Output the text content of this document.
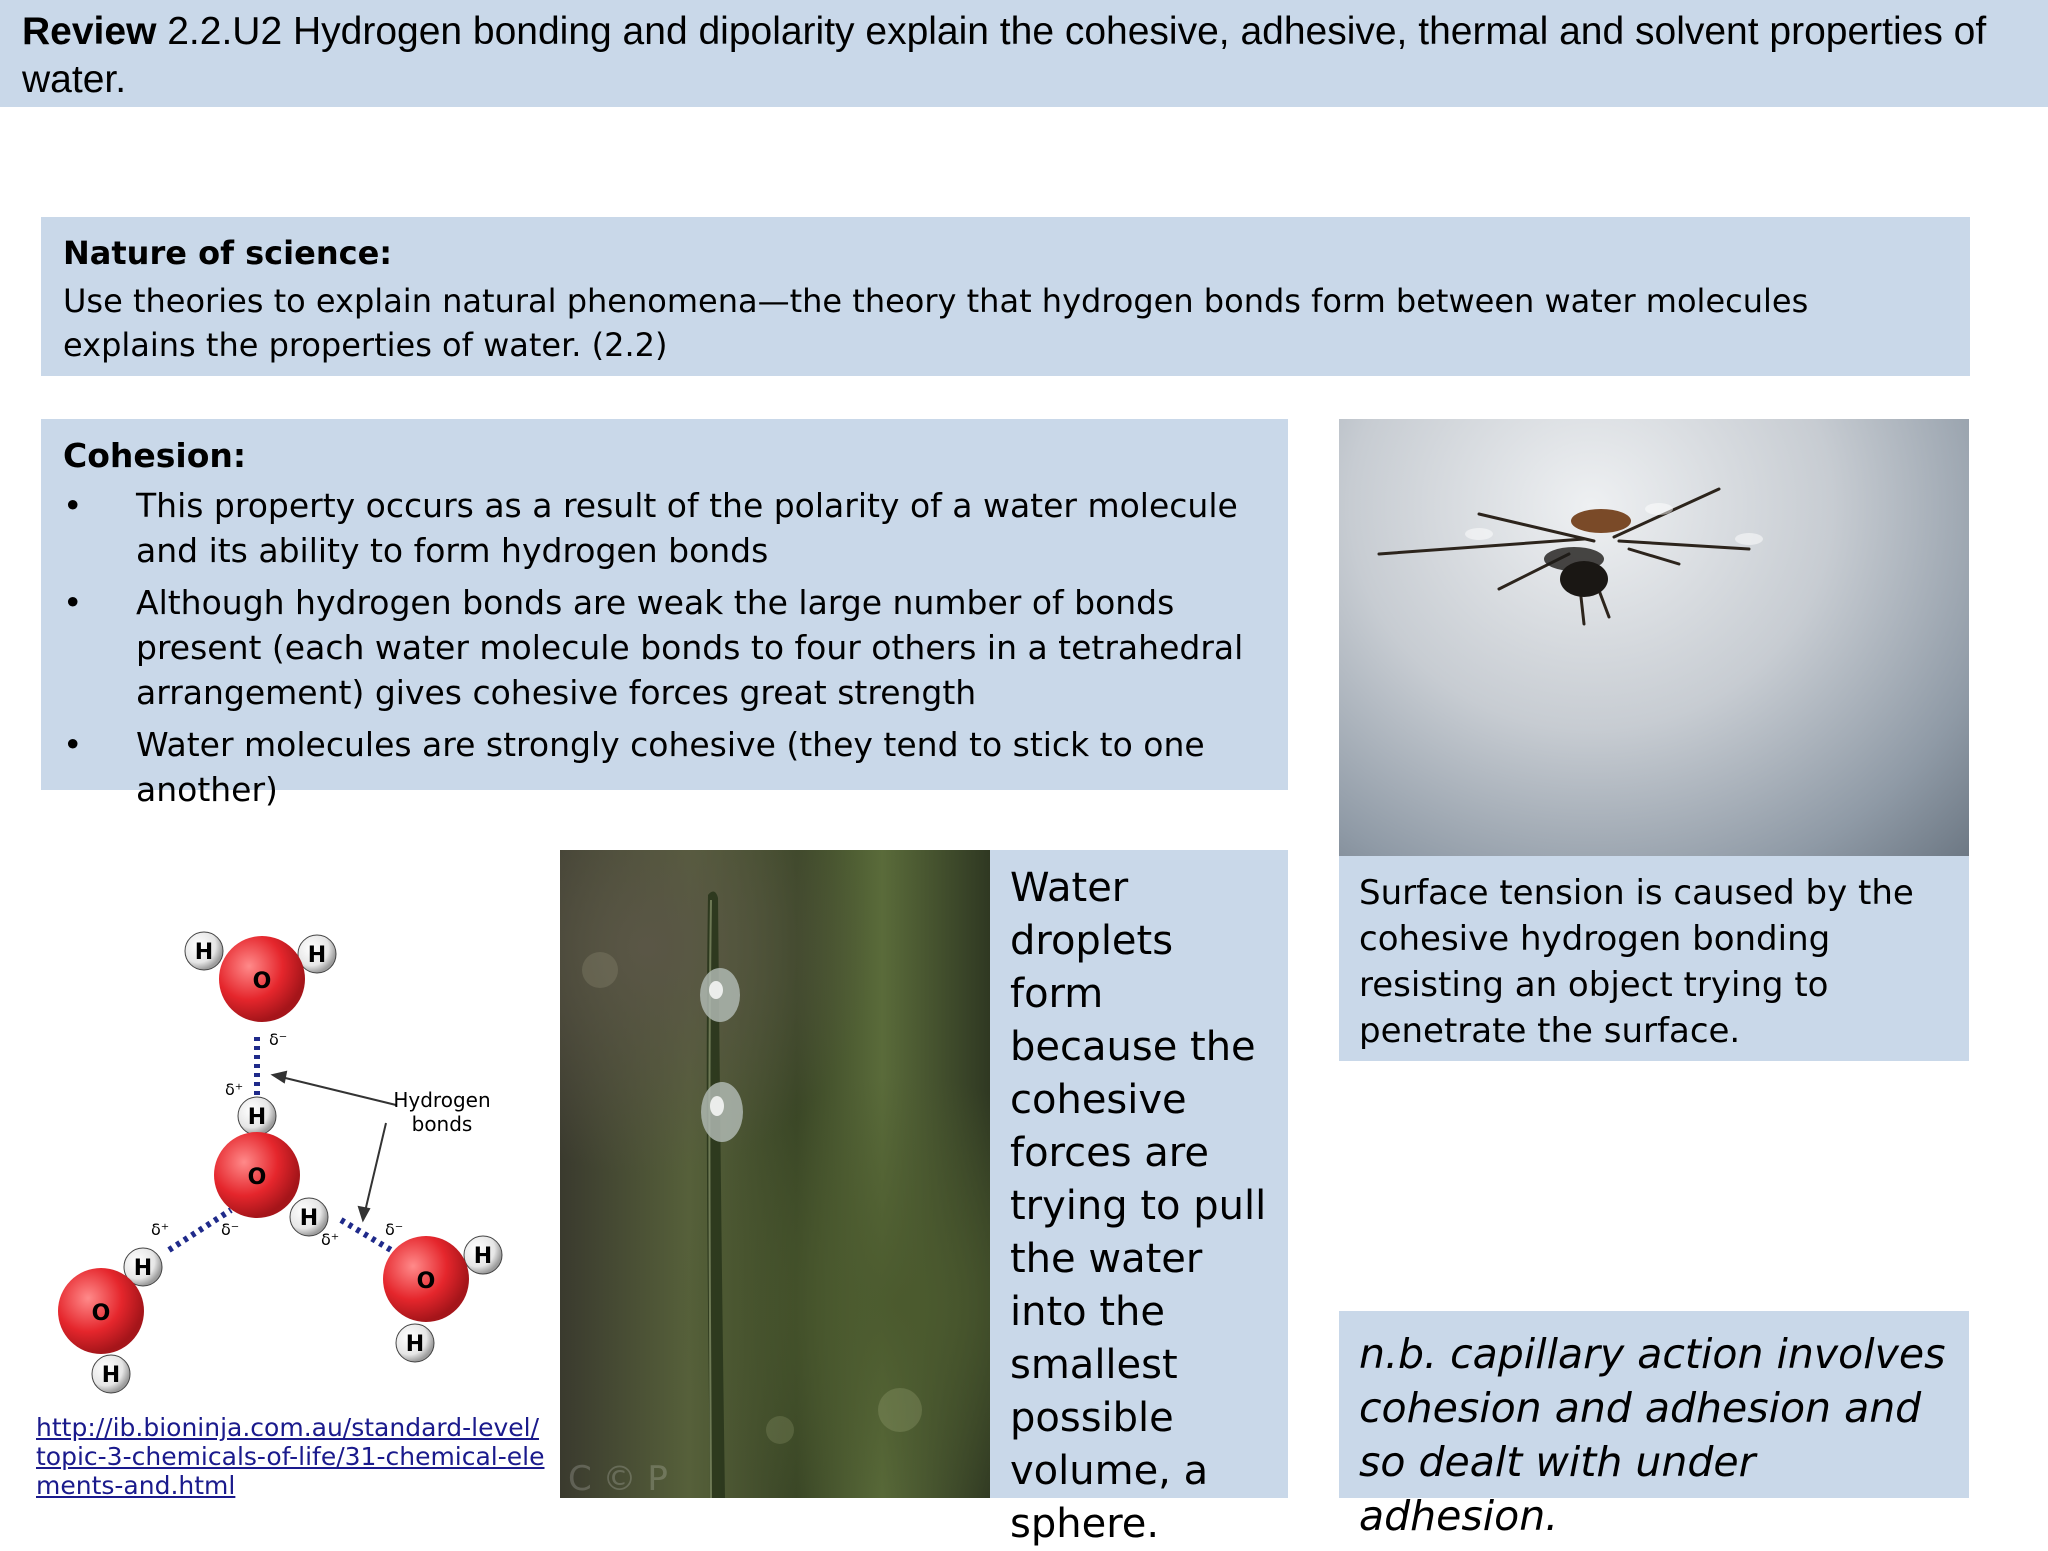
Review 2.2.U2 Hydrogen bonding and dipolarity explain the cohesive, adhesive, thermal and solvent properties of water.
Nature of science:
Use theories to explain natural phenomena—the theory that hydrogen bonds form between water molecules explains the properties of water. (2.2)
Cohesion:
• This property occurs as a result of the polarity of a water molecule and its ability to form hydrogen bonds
• Although hydrogen bonds are weak the large number of bonds present (each water molecule bonds to four others in a tetrahedral arrangement) gives cohesive forces great strength
• Water molecules are strongly cohesive (they tend to stick to one another)
Surface tension is caused by the cohesive hydrogen bonding resisting an object trying to penetrate the surface.
H	H
O
δ⁻
δ⁺
H
H
O
δ⁻
δ⁺
Hydrogen
bonds
δ⁺
H
H
O
δ⁻
H
H
O
http://ib.bioninja.com.au/standard-level/topic-3-chemicals-of-life/31-chemical-elements-and.html	C © P
Water droplets form because the cohesive forces are trying to pull the water into the smallest possible volume, a sphere.
n.b. capillary action involves cohesion and adhesion and so dealt with under adhesion.
